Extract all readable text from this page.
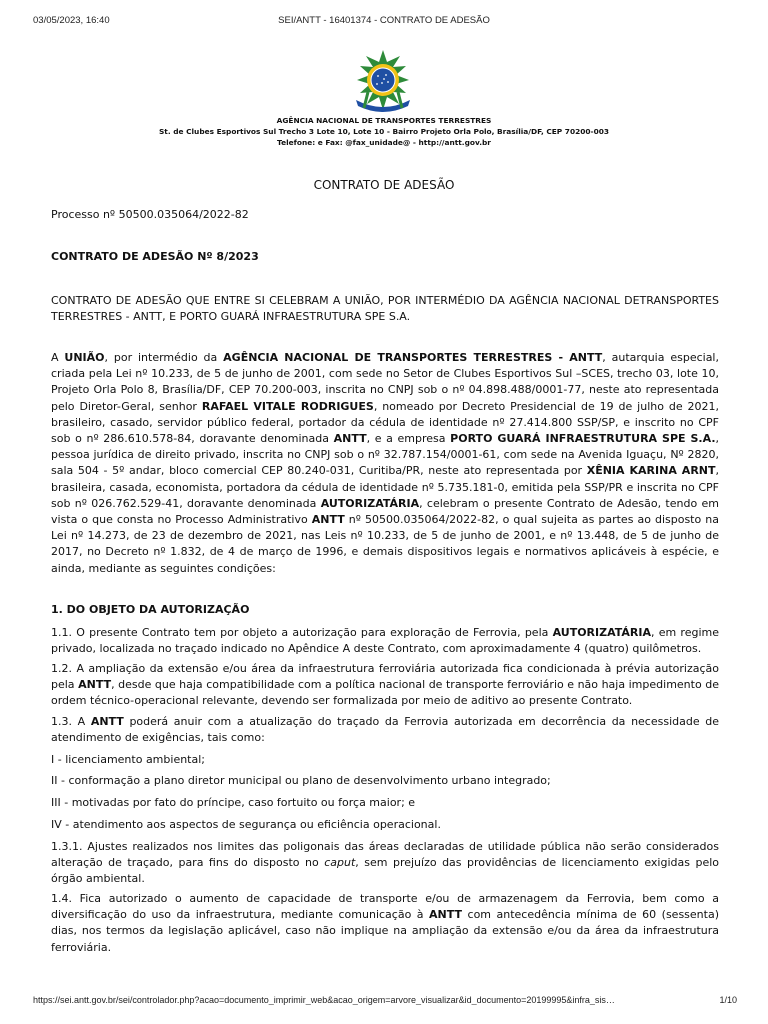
03/05/2023, 16:40	SEI/ANTT - 16401374 - CONTRATO DE ADESÃO
AGÊNCIA NACIONAL DE TRANSPORTES TERRESTRES
St. de Clubes Esportivos Sul Trecho 3 Lote 10, Lote 10 - Bairro Projeto Orla Polo, Brasília/DF, CEP 70200-003
Telefone: e Fax: @fax_unidade@ - http://antt.gov.br
CONTRATO DE ADESÃO

Processo nº 50500.035064/2022-82

CONTRATO DE ADESÃO Nº 8/2023

CONTRATO DE ADESÃO QUE ENTRE SI CELEBRAM A UNIÃO, POR INTERMÉDIO DA AGÊNCIA NACIONAL DETRANSPORTES TERRESTRES - ANTT, E PORTO GUARÁ INFRAESTRUTURA SPE S.A.

A UNIÃO, por intermédio da AGÊNCIA NACIONAL DE TRANSPORTES TERRESTRES - ANTT, autarquia especial, criada pela Lei nº 10.233, de 5 de junho de 2001, com sede no Setor de Clubes Esportivos Sul –SCES, trecho 03, lote 10, Projeto Orla Polo 8, Brasília/DF, CEP 70.200-003, inscrita no CNPJ sob o nº 04.898.488/0001-77, neste ato representada pelo Diretor-Geral, senhor RAFAEL VITALE RODRIGUES, nomeado por Decreto Presidencial de 19 de julho de 2021, brasileiro, casado, servidor público federal, portador da cédula de identidade nº 27.414.800 SSP/SP, e inscrito no CPF sob o nº 286.610.578-84, doravante denominada ANTT, e a empresa PORTO GUARÁ INFRAESTRUTURA SPE S.A., pessoa jurídica de direito privado, inscrita no CNPJ sob o nº 32.787.154/0001-61, com sede na Avenida Iguaçu, Nº 2820, sala 504 - 5º andar, bloco comercial CEP 80.240-031, Curitiba/PR, neste ato representada por XÊNIA KARINA ARNT, brasileira, casada, economista, portadora da cédula de identidade nº 5.735.181-0, emitida pela SSP/PR e inscrita no CPF sob nº 026.762.529-41, doravante denominada AUTORIZATÁRIA, celebram o presente Contrato de Adesão, tendo em vista o que consta no Processo Administrativo ANTT nº 50500.035064/2022-82, o qual sujeita as partes ao disposto na Lei nº 14.273, de 23 de dezembro de 2021, nas Leis nº 10.233, de 5 de junho de 2001, e nº 13.448, de 5 de junho de 2017, no Decreto nº 1.832, de 4 de março de 1996, e demais dispositivos legais e normativos aplicáveis à espécie, e ainda, mediante as seguintes condições:

1. DO OBJETO DA AUTORIZAÇÃO

1.1. O presente Contrato tem por objeto a autorização para exploração de Ferrovia, pela AUTORIZATÁRIA, em regime privado, localizada no traçado indicado no Apêndice A deste Contrato, com aproximadamente 4 (quatro) quilômetros.

1.2. A ampliação da extensão e/ou área da infraestrutura ferroviária autorizada fica condicionada à prévia autorização pela ANTT, desde que haja compatibilidade com a política nacional de transporte ferroviário e não haja impedimento de ordem técnico-operacional relevante, devendo ser formalizada por meio de aditivo ao presente Contrato.

1.3. A ANTT poderá anuir com a atualização do traçado da Ferrovia autorizada em decorrência da necessidade de atendimento de exigências, tais como:

I - licenciamento ambiental;

II - conformação a plano diretor municipal ou plano de desenvolvimento urbano integrado;

III - motivadas por fato do príncipe, caso fortuito ou força maior; e

IV - atendimento aos aspectos de segurança ou eficiência operacional.

1.3.1. Ajustes realizados nos limites das poligonais das áreas declaradas de utilidade pública não serão considerados alteração de traçado, para fins do disposto no caput, sem prejuízo das providências de licenciamento exigidas pelo órgão ambiental.

1.4. Fica autorizado o aumento de capacidade de transporte e/ou de armazenagem da Ferrovia, bem como a diversificação do uso da infraestrutura, mediante comunicação à ANTT com antecedência mínima de 60 (sessenta) dias, nos termos da legislação aplicável, caso não implique na ampliação da extensão e/ou da área da infraestrutura ferroviária.

https://sei.antt.gov.br/sei/controlador.php?acao=documento_imprimir_web&acao_origem=arvore_visualizar&id_documento=20199995&infra_sis…	1/10
